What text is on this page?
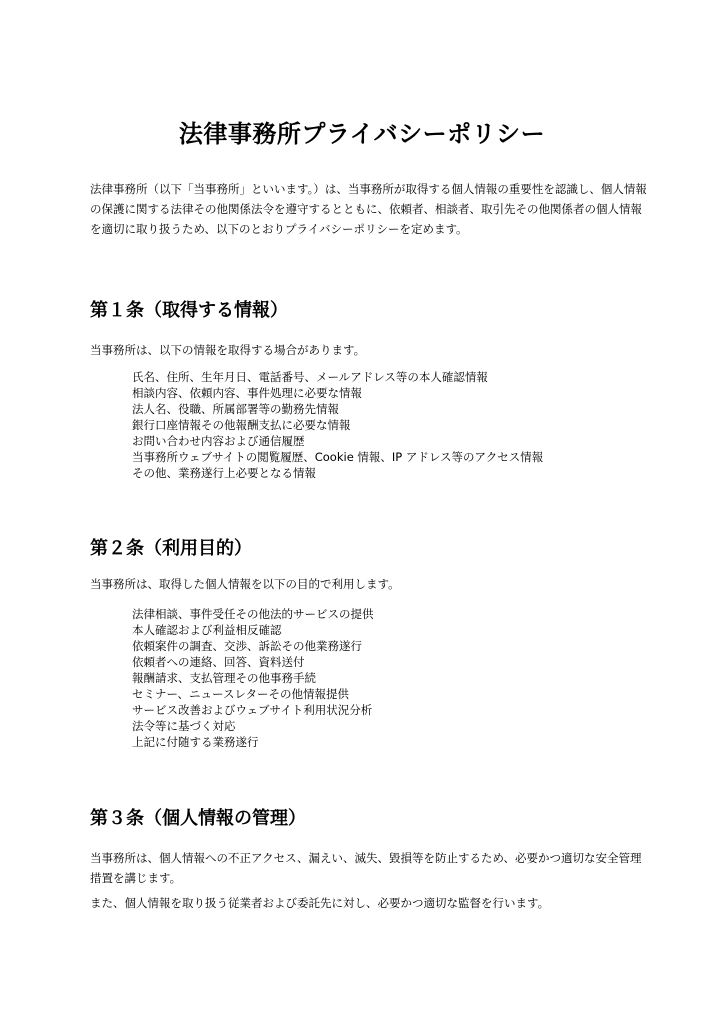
法律事務所プライバシーポリシー

法律事務所（以下「当事務所」といいます。）は、当事務所が取得する個人情報の重要性を認識し、個人情報の保護に関する法律その他関係法令を遵守するとともに、依頼者、相談者、取引先その他関係者の個人情報を適切に取り扱うため、以下のとおりプライバシーポリシーを定めます。

第１条（取得する情報）

当事務所は、以下の情報を取得する場合があります。

氏名、住所、生年月日、電話番号、メールアドレス等の本人確認情報
相談内容、依頼内容、事件処理に必要な情報
法人名、役職、所属部署等の勤務先情報
銀行口座情報その他報酬支払に必要な情報
お問い合わせ内容および通信履歴
当事務所ウェブサイトの閲覧履歴、Cookie 情報、IP アドレス等のアクセス情報
その他、業務遂行上必要となる情報
第２条（利用目的）

当事務所は、取得した個人情報を以下の目的で利用します。

法律相談、事件受任その他法的サービスの提供
本人確認および利益相反確認
依頼案件の調査、交渉、訴訟その他業務遂行
依頼者への連絡、回答、資料送付
報酬請求、支払管理その他事務手続
セミナー、ニュースレターその他情報提供
サービス改善およびウェブサイト利用状況分析
法令等に基づく対応
上記に付随する業務遂行
第３条（個人情報の管理）

当事務所は、個人情報への不正アクセス、漏えい、滅失、毀損等を防止するため、必要かつ適切な安全管理措置を講じます。

また、個人情報を取り扱う従業者および委託先に対し、必要かつ適切な監督を行います。
